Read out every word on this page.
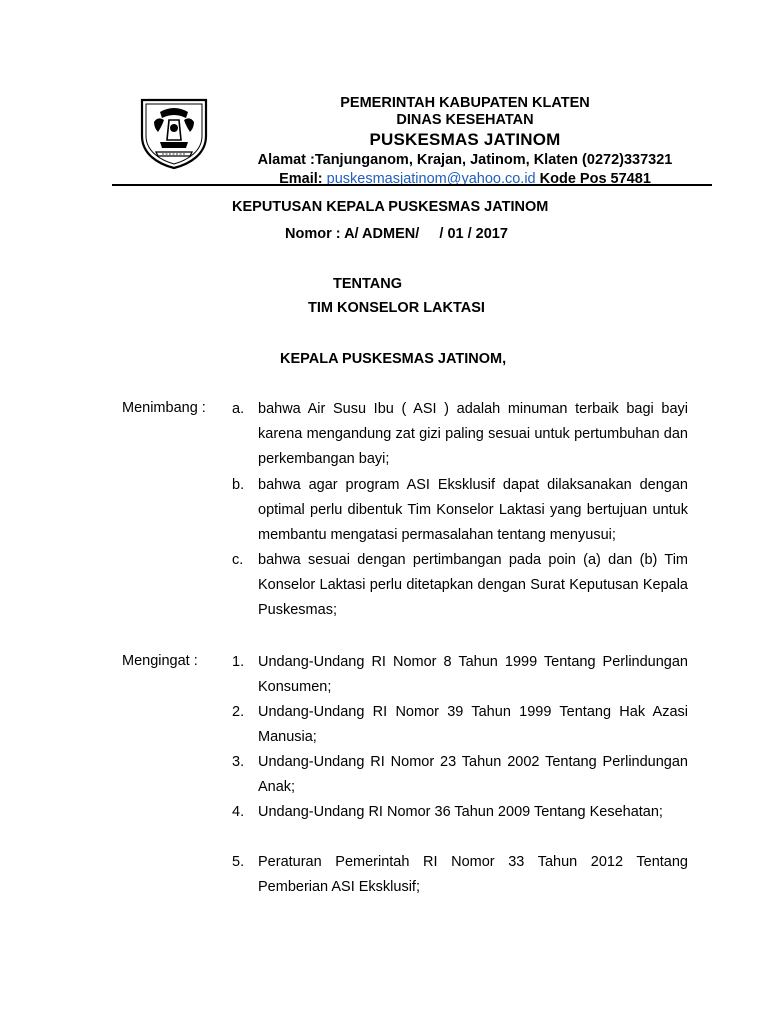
PEMERINTAH KABUPATEN KLATEN
DINAS KESEHATAN
PUSKESMAS JATINOM
Alamat :Tanjunganom, Krajan, Jatinom, Klaten (0272)337321
Email: puskesmasjatinom@yahoo.co.id Kode Pos 57481
KEPUTUSAN KEPALA PUSKESMAS JATINOM
Nomor : A/ ADMEN/     / 01 / 2017
TENTANG
TIM KONSELOR LAKTASI
KEPALA PUSKESMAS JATINOM,
Menimbang : a. bahwa Air Susu Ibu ( ASI ) adalah minuman terbaik bagi bayi karena mengandung zat gizi paling sesuai untuk pertumbuhan dan perkembangan bayi;
b. bahwa agar program ASI Eksklusif dapat dilaksanakan dengan optimal perlu dibentuk Tim Konselor Laktasi yang bertujuan untuk membantu mengatasi permasalahan tentang menyusui;
c. bahwa sesuai dengan pertimbangan pada poin (a) dan (b) Tim Konselor Laktasi perlu ditetapkan dengan Surat Keputusan Kepala Puskesmas;
Mengingat : 1. Undang-Undang RI Nomor 8 Tahun 1999 Tentang Perlindungan Konsumen;
2. Undang-Undang RI Nomor 39 Tahun 1999 Tentang Hak Azasi Manusia;
3. Undang-Undang RI Nomor 23 Tahun 2002 Tentang Perlindungan Anak;
4. Undang-Undang RI Nomor 36 Tahun 2009 Tentang Kesehatan;
5. Peraturan Pemerintah RI Nomor 33 Tahun 2012 Tentang Pemberian ASI Eksklusif;
